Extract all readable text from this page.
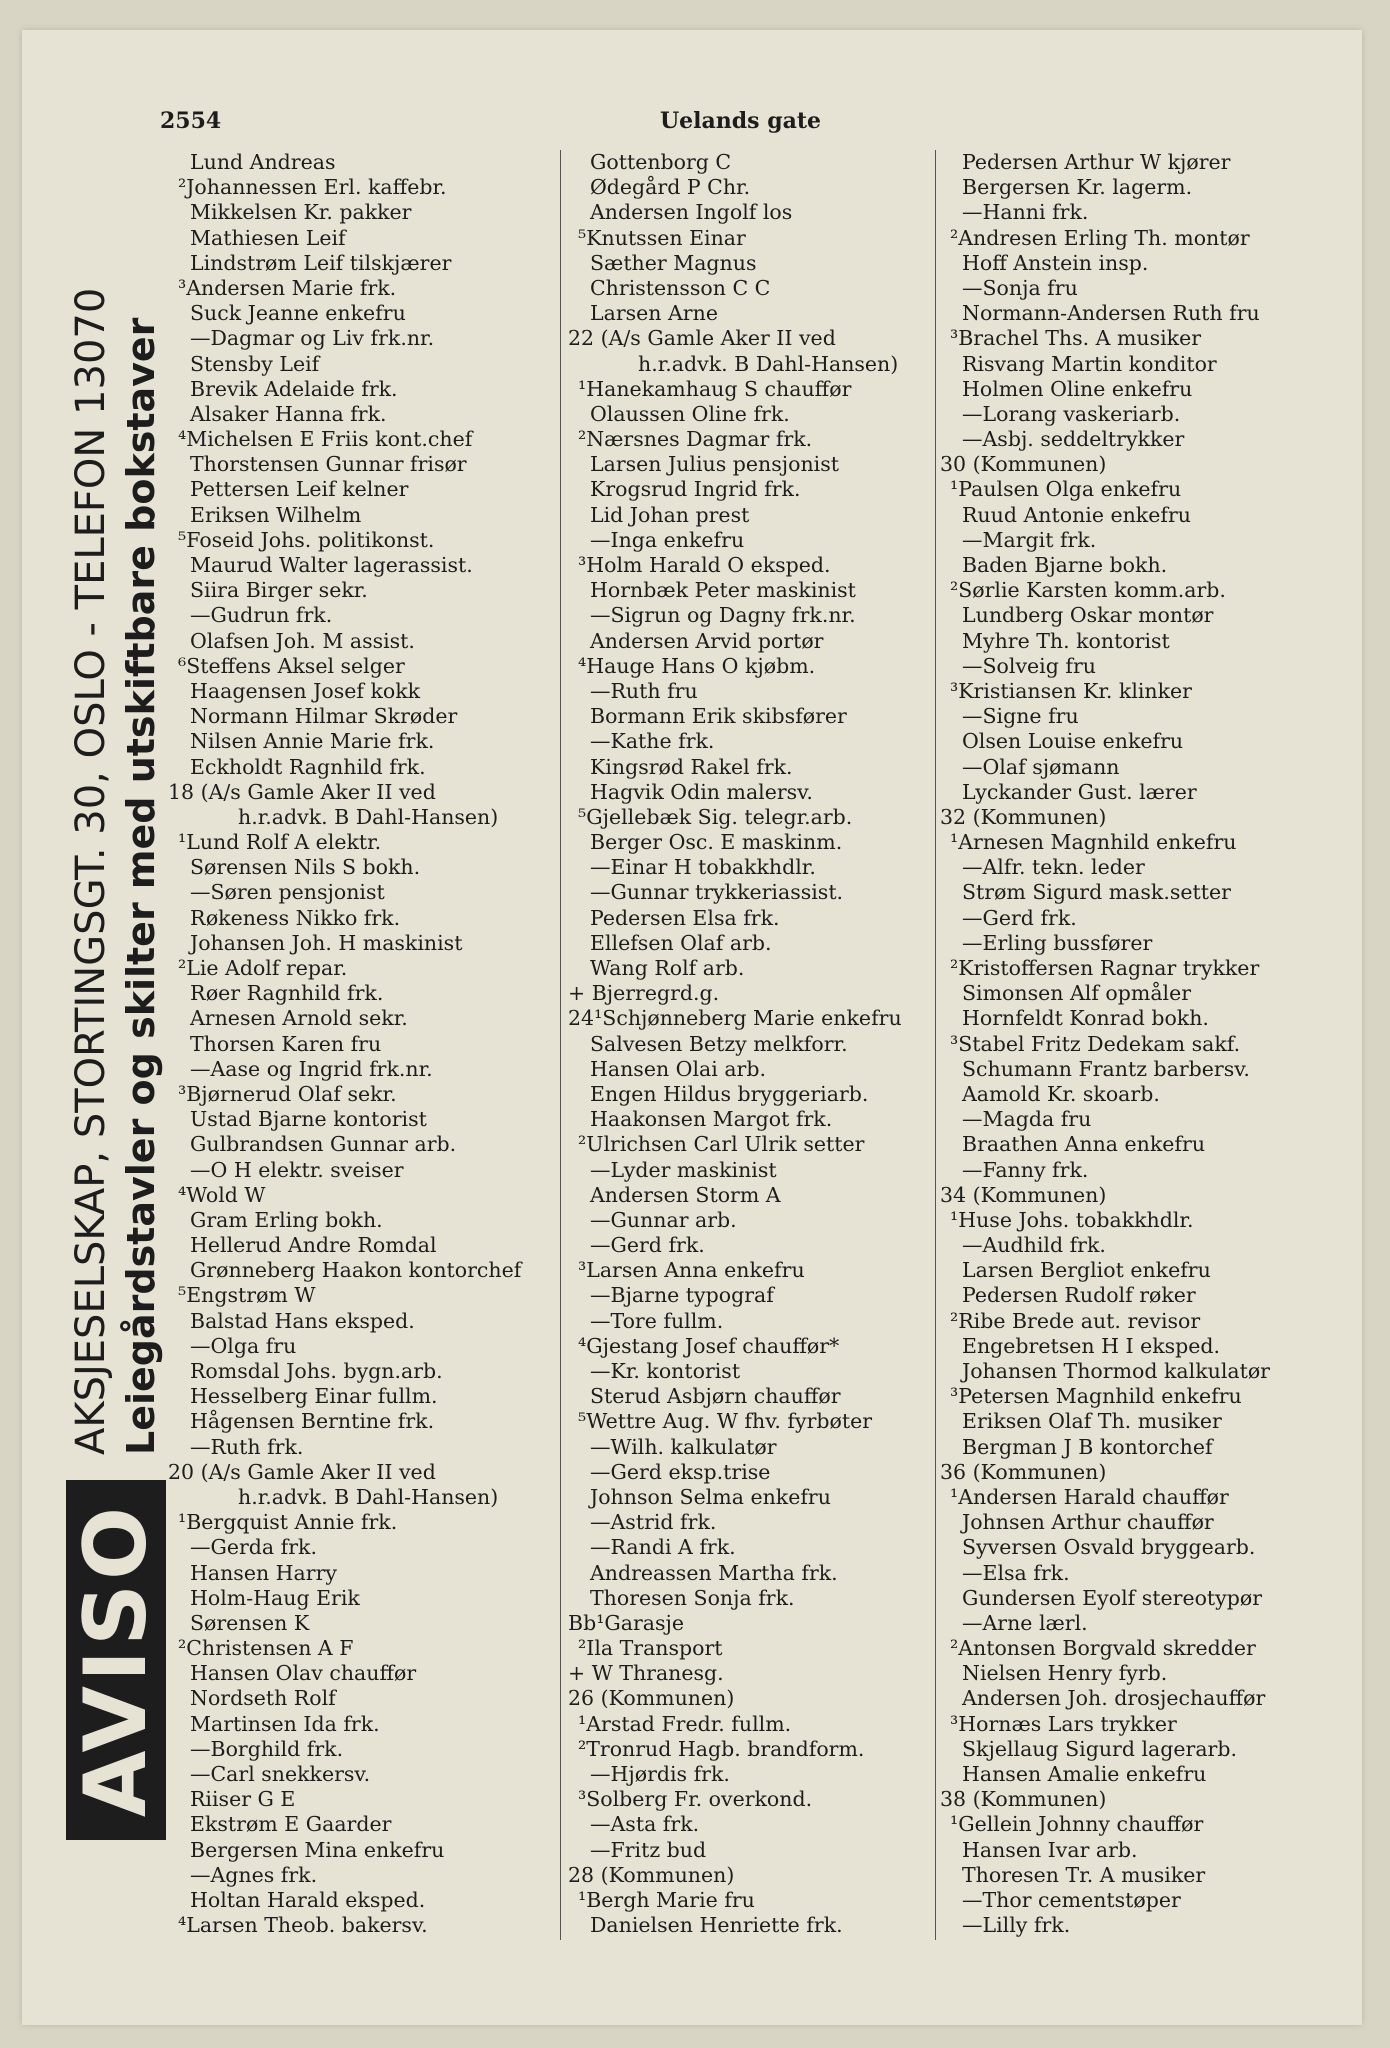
2554	Uelands gate
AVISO
AKSJESELSKAP, STORTINGSGT. 30, OSLO - TELEFON 13070 Leiegårdstavler og skilter med utskiftbare bokstaver
Lund Andreas
²Johannessen Erl. kaffebr.
Mikkelsen Kr. pakker
Mathiesen Leif
Lindstrøm Leif tilskjærer
³Andersen Marie frk.
Suck Jeanne enkefru
—Dagmar og Liv frk.nr.
Stensby Leif
Brevik Adelaide frk.
Alsaker Hanna frk.
⁴Michelsen E Friis kont.chef
Thorstensen Gunnar frisør
Pettersen Leif kelner
Eriksen Wilhelm
⁵Foseid Johs. politikonst.
Maurud Walter lagerassist.
Siira Birger sekr.
—Gudrun frk.
Olafsen Joh. M assist.
⁶Steffens Aksel selger
Haagensen Josef kokk
Normann Hilmar Skrøder
Nilsen Annie Marie frk.
Eckholdt Ragnhild frk.
18 (A/s Gamle Aker II ved
h.r.advk. B Dahl-Hansen)
¹Lund Rolf A elektr.
Sørensen Nils S bokh.
—Søren pensjonist
Røkeness Nikko frk.
Johansen Joh. H maskinist
²Lie Adolf repar.
Røer Ragnhild frk.
Arnesen Arnold sekr.
Thorsen Karen fru
—Aase og Ingrid frk.nr.
³Bjørnerud Olaf sekr.
Ustad Bjarne kontorist
Gulbrandsen Gunnar arb.
—O H elektr. sveiser
⁴Wold W
Gram Erling bokh.
Hellerud Andre Romdal
Grønneberg Haakon kontorchef
⁵Engstrøm W
Balstad Hans eksped.
—Olga fru
Romsdal Johs. bygn.arb.
Hesselberg Einar fullm.
Hågensen Berntine frk.
—Ruth frk.
20 (A/s Gamle Aker II ved
h.r.advk. B Dahl-Hansen)
¹Bergquist Annie frk.
—Gerda frk.
Hansen Harry
Holm-Haug Erik
Sørensen K
²Christensen A F
Hansen Olav chauffør
Nordseth Rolf
Martinsen Ida frk.
—Borghild frk.
—Carl snekkersv.
Riiser G E
Ekstrøm E Gaarder
Bergersen Mina enkefru
—Agnes frk.
Holtan Harald eksped.
⁴Larsen Theob. bakersv.
Gottenborg C
Ødegård P Chr.
Andersen Ingolf los
⁵Knutssen Einar
Sæther Magnus
Christensson C C
Larsen Arne
22 (A/s Gamle Aker II ved
h.r.advk. B Dahl-Hansen)
¹Hanekamhaug S chauffør
Olaussen Oline frk.
²Nærsnes Dagmar frk.
Larsen Julius pensjonist
Krogsrud Ingrid frk.
Lid Johan prest
—Inga enkefru
³Holm Harald O eksped.
Hornbæk Peter maskinist
—Sigrun og Dagny frk.nr.
Andersen Arvid portør
⁴Hauge Hans O kjøbm.
—Ruth fru
Bormann Erik skibsfører
—Kathe frk.
Kingsrød Rakel frk.
Hagvik Odin malersv.
⁵Gjellebæk Sig. telegr.arb.
Berger Osc. E maskinm.
—Einar H tobakkhdlr.
—Gunnar trykkeriassist.
Pedersen Elsa frk.
Ellefsen Olaf arb.
Wang Rolf arb.
+ Bjerregrd.g.
24¹Schjønneberg Marie enkefru
Salvesen Betzy melkforr.
Hansen Olai arb.
Engen Hildus bryggeriarb.
Haakonsen Margot frk.
²Ulrichsen Carl Ulrik setter
—Lyder maskinist
Andersen Storm A
—Gunnar arb.
—Gerd frk.
³Larsen Anna enkefru
—Bjarne typograf
—Tore fullm.
⁴Gjestang Josef chauffør*
—Kr. kontorist
Sterud Asbjørn chauffør
⁵Wettre Aug. W fhv. fyrbøter
—Wilh. kalkulatør
—Gerd eksp.trise
Johnson Selma enkefru
—Astrid frk.
—Randi A frk.
Andreassen Martha frk.
Thoresen Sonja frk.
Bb¹Garasje
²Ila Transport
+ W Thranesg.
26 (Kommunen)
¹Arstad Fredr. fullm.
²Tronrud Hagb. brandform.
—Hjørdis frk.
³Solberg Fr. overkond.
—Asta frk.
—Fritz bud
28 (Kommunen)
¹Bergh Marie fru
Danielsen Henriette frk.
Pedersen Arthur W kjører
Bergersen Kr. lagerm.
—Hanni frk.
²Andresen Erling Th. montør
Hoff Anstein insp.
—Sonja fru
Normann-Andersen Ruth fru
³Brachel Ths. A musiker
Risvang Martin konditor
Holmen Oline enkefru
—Lorang vaskeriarb.
—Asbj. seddeltrykker
30 (Kommunen)
¹Paulsen Olga enkefru
Ruud Antonie enkefru
—Margit frk.
Baden Bjarne bokh.
²Sørlie Karsten komm.arb.
Lundberg Oskar montør
Myhre Th. kontorist
—Solveig fru
³Kristiansen Kr. klinker
—Signe fru
Olsen Louise enkefru
—Olaf sjømann
Lyckander Gust. lærer
32 (Kommunen)
¹Arnesen Magnhild enkefru
—Alfr. tekn. leder
Strøm Sigurd mask.setter
—Gerd frk.
—Erling bussfører
²Kristoffersen Ragnar trykker
Simonsen Alf opmåler
Hornfeldt Konrad bokh.
³Stabel Fritz Dedekam sakf.
Schumann Frantz barbersv.
Aamold Kr. skoarb.
—Magda fru
Braathen Anna enkefru
—Fanny frk.
34 (Kommunen)
¹Huse Johs. tobakkhdlr.
—Audhild frk.
Larsen Bergliot enkefru
Pedersen Rudolf røker
²Ribe Brede aut. revisor
Engebretsen H I eksped.
Johansen Thormod kalkulatør
³Petersen Magnhild enkefru
Eriksen Olaf Th. musiker
Bergman J B kontorchef
36 (Kommunen)
¹Andersen Harald chauffør
Johnsen Arthur chauffør
Syversen Osvald bryggearb.
—Elsa frk.
Gundersen Eyolf stereotypør
—Arne lærl.
²Antonsen Borgvald skredder
Nielsen Henry fyrb.
Andersen Joh. drosjechauffør
³Hornæs Lars trykker
Skjellaug Sigurd lagerarb.
Hansen Amalie enkefru
38 (Kommunen)
¹Gellein Johnny chauffør
Hansen Ivar arb.
Thoresen Tr. A musiker
—Thor cementstøper
—Lilly frk.
